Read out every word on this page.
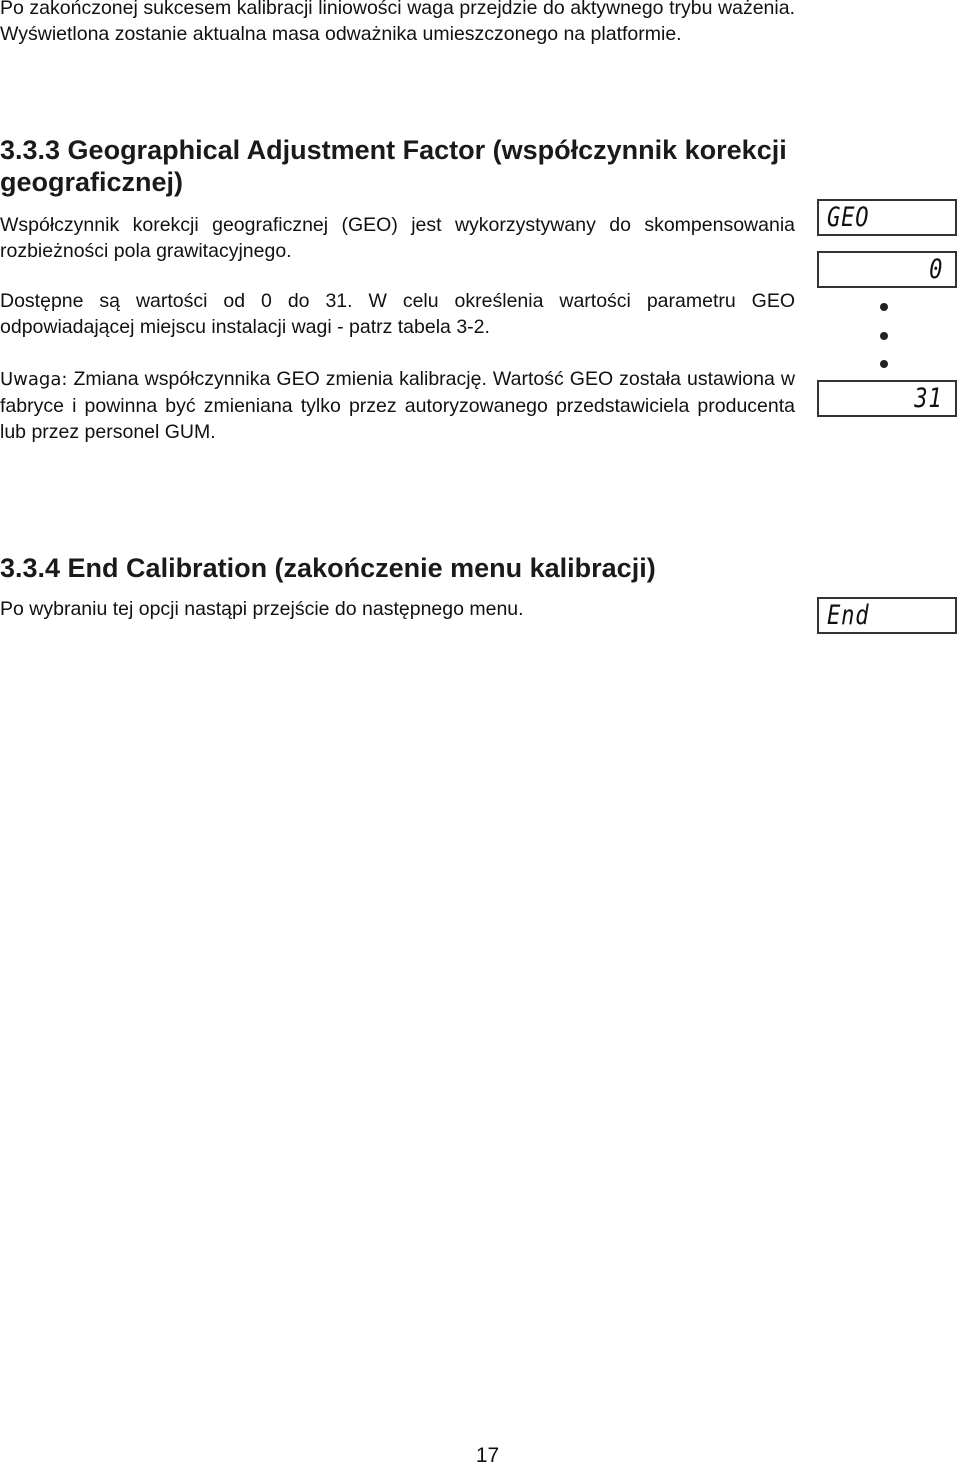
Po zakończonej sukcesem kalibracji liniowości waga przejdzie do aktywnego trybu ważenia. Wyświetlona zostanie aktualna masa odważnika umieszczonego na platformie.
3.3.3 Geographical Adjustment Factor (współczynnik korekcji geograficznej)
Współczynnik korekcji geograficznej (GEO) jest wykorzystywany do skompensowania rozbieżności pola grawitacyjnego.
Dostępne są wartości od 0 do 31. W celu określenia wartości parametru GEO odpowiadającej miejscu instalacji wagi - patrz tabela 3-2.
Uwaga: Zmiana współczynnika GEO zmienia kalibrację. Wartość GEO została ustawiona w fabryce i powinna być zmieniana tylko przez autoryzowanego przedstawiciela producenta lub przez personel GUM.
3.3.4 End Calibration (zakończenie menu kalibracji)
Po wybraniu tej opcji nastąpi przejście do następnego menu.
GEO
0
31
End
17
